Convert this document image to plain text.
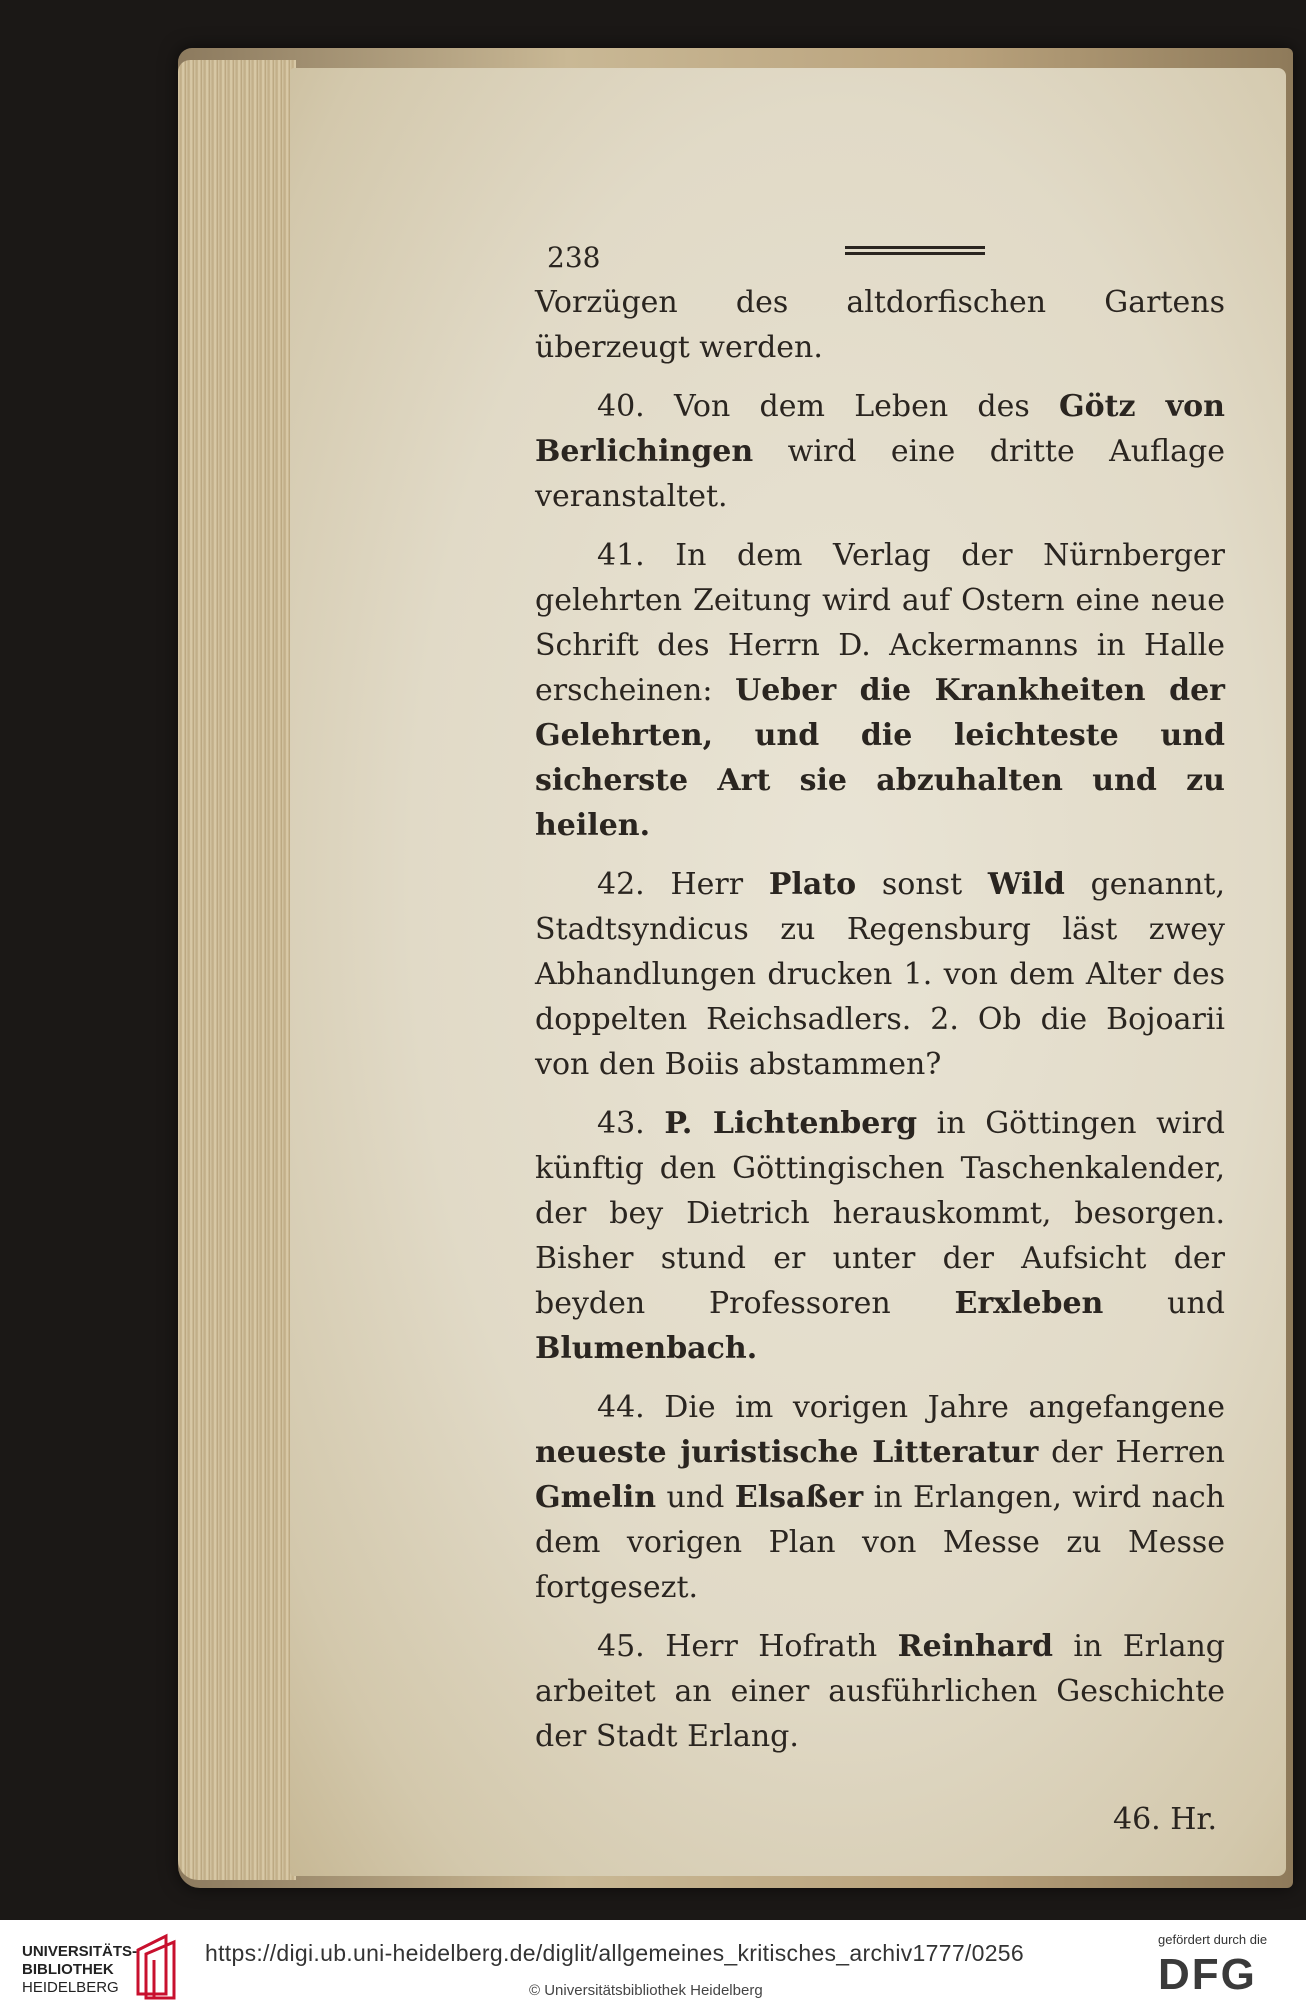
238

Vorzügen des altdorfischen Gartens überzeugt werden.

40. Von dem Leben des Götz von Berlichingen wird eine dritte Auflage veranstaltet.

41. In dem Verlag der Nürnberger gelehrten Zeitung wird auf Ostern eine neue Schrift des Herrn D. Ackermanns in Halle erscheinen: Ueber die Krankheiten der Gelehrten, und die leichteste und sicherste Art sie abzuhalten und zu heilen.

42. Herr Plato sonst Wild genannt, Stadtsyndicus zu Regensburg läst zwey Abhandlungen drucken 1. von dem Alter des doppelten Reichsadlers. 2. Ob die Bojoarii von den Boiis abstammen?

43. P. Lichtenberg in Göttingen wird künftig den Göttingischen Taschenkalender, der bey Dietrich herauskommt, besorgen. Bisher stund er unter der Aufsicht der beyden Professoren Erxleben und Blumenbach.

44. Die im vorigen Jahre angefangene neueste juristische Litteratur der Herren Gmelin und Elsaßer in Erlangen, wird nach dem vorigen Plan von Messe zu Messe fortgesezt.

45. Herr Hofrath Reinhard in Erlang arbeitet an einer ausführlichen Geschichte der Stadt Erlang.

46. Hr.
UNIVERSITÄTS-
BIBLIOTHEK
HEIDELBERG
https://digi.ub.uni-heidelberg.de/diglit/allgemeines_kritisches_archiv1777/0256
© Universitätsbibliothek Heidelberg
gefördert durch die
DFG
